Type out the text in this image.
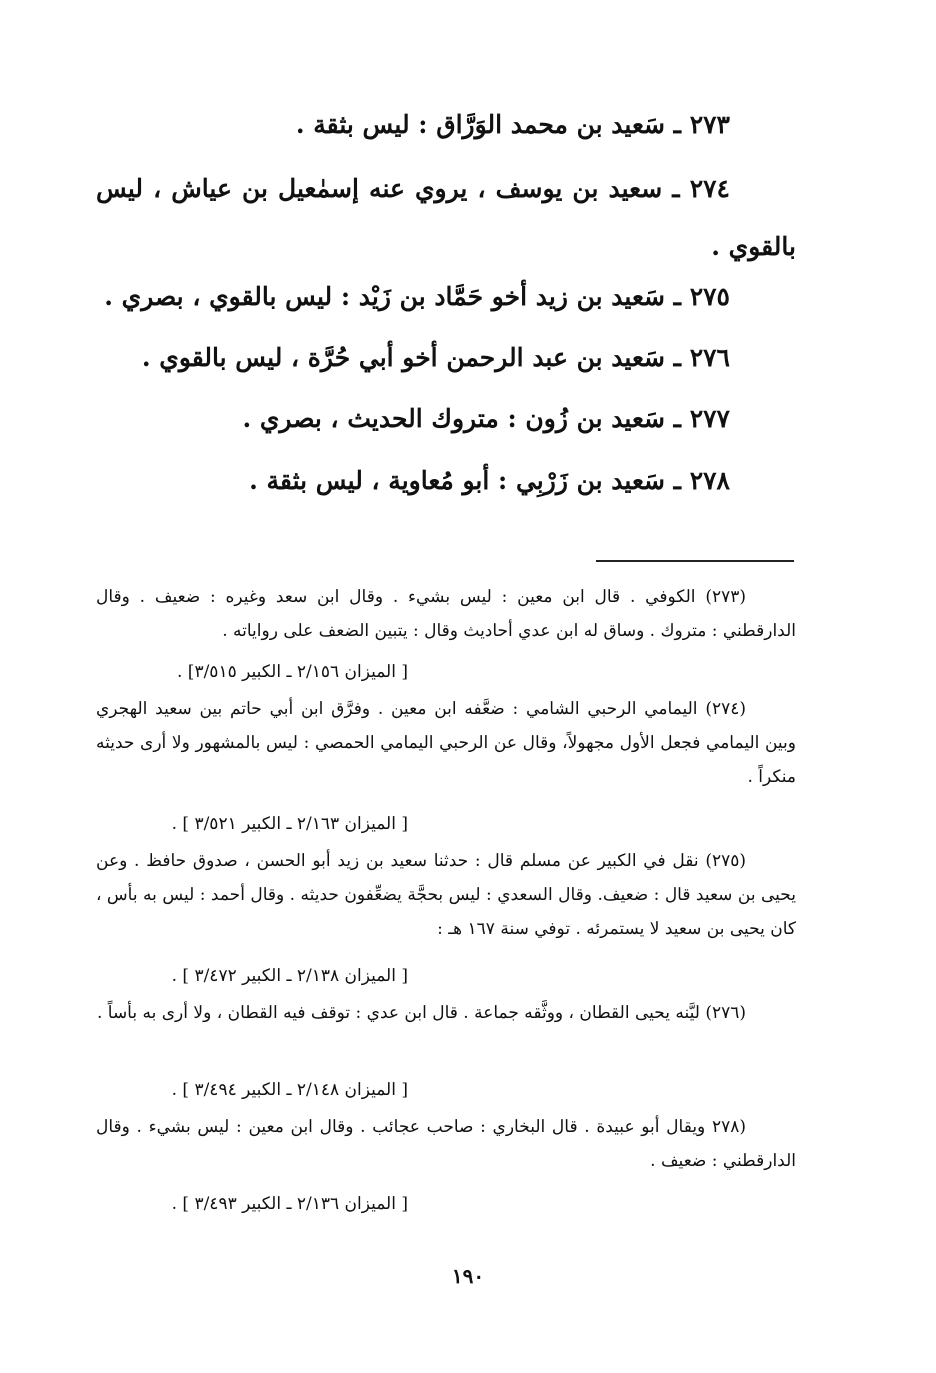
٢٧٣ ـ سَعيد بن محمد الوَرَّاق : ليس بثقة .
٢٧٤ ـ سعيد بن يوسف ، يروي عنه إسمٰعيل بن عياش ، ليس بالقوي .
٢٧٥ ـ سَعيد بن زيد أخو حَمَّاد بن زَيْد : ليس بالقوي ، بصري .
٢٧٦ ـ سَعيد بن عبد الرحمن أخو أبي حُرَّة ، ليس بالقوي .
٢٧٧ ـ سَعيد بن زُون : متروك الحديث ، بصري .
٢٧٨ ـ سَعيد بن زَرْبِي : أبو مُعاوية ، ليس بثقة .
(٢٧٣) الكوفي . قال ابن معين : ليس بشيء . وقال ابن سعد وغيره : ضعيف . وقال الدارقطني : متروك . وساق له ابن عدي أحاديث وقال : يتبين الضعف على رواياته .
[ الميزان ٢/١٥٦ ـ الكبير ٣/٥١٥] .
(٢٧٤) اليمامي الرحبي الشامي : ضعَّفه ابن معين . وفرَّق ابن أبي حاتم بين سعيد الهجري وبين اليمامي فجعل الأول مجهولاً، وقال عن الرحبي اليمامي الحمصي : ليس بالمشهور ولا أرى حديثه منكراً .
[ الميزان ٢/١٦٣ ـ الكبير ٣/٥٢١ ] .
(٢٧٥) نقل في الكبير عن مسلم قال : حدثنا سعيد بن زيد أبو الحسن ، صدوق حافظ . وعن يحيى بن سعيد قال : ضعيف. وقال السعدي : ليس بحجَّة يضعِّفون حديثه . وقال أحمد : ليس به بأس ، كان يحيى بن سعيد لا يستمرئه . توفي سنة ١٦٧ هـ :
[ الميزان ٢/١٣٨ ـ الكبير ٣/٤٧٢ ] .
(٢٧٦) ليَّنه يحيى القطان ، ووثَّقه جماعة . قال ابن عدي : توقف فيه القطان ، ولا أرى به بأساً .
[ الميزان ٢/١٤٨ ـ الكبير ٣/٤٩٤ ] .
(٢٧٨ ويقال أبو عبيدة . قال البخاري : صاحب عجائب . وقال ابن معين : ليس بشيء . وقال الدارقطني : ضعيف .
[ الميزان ٢/١٣٦ ـ الكبير ٣/٤٩٣ ] .
١٩٠
